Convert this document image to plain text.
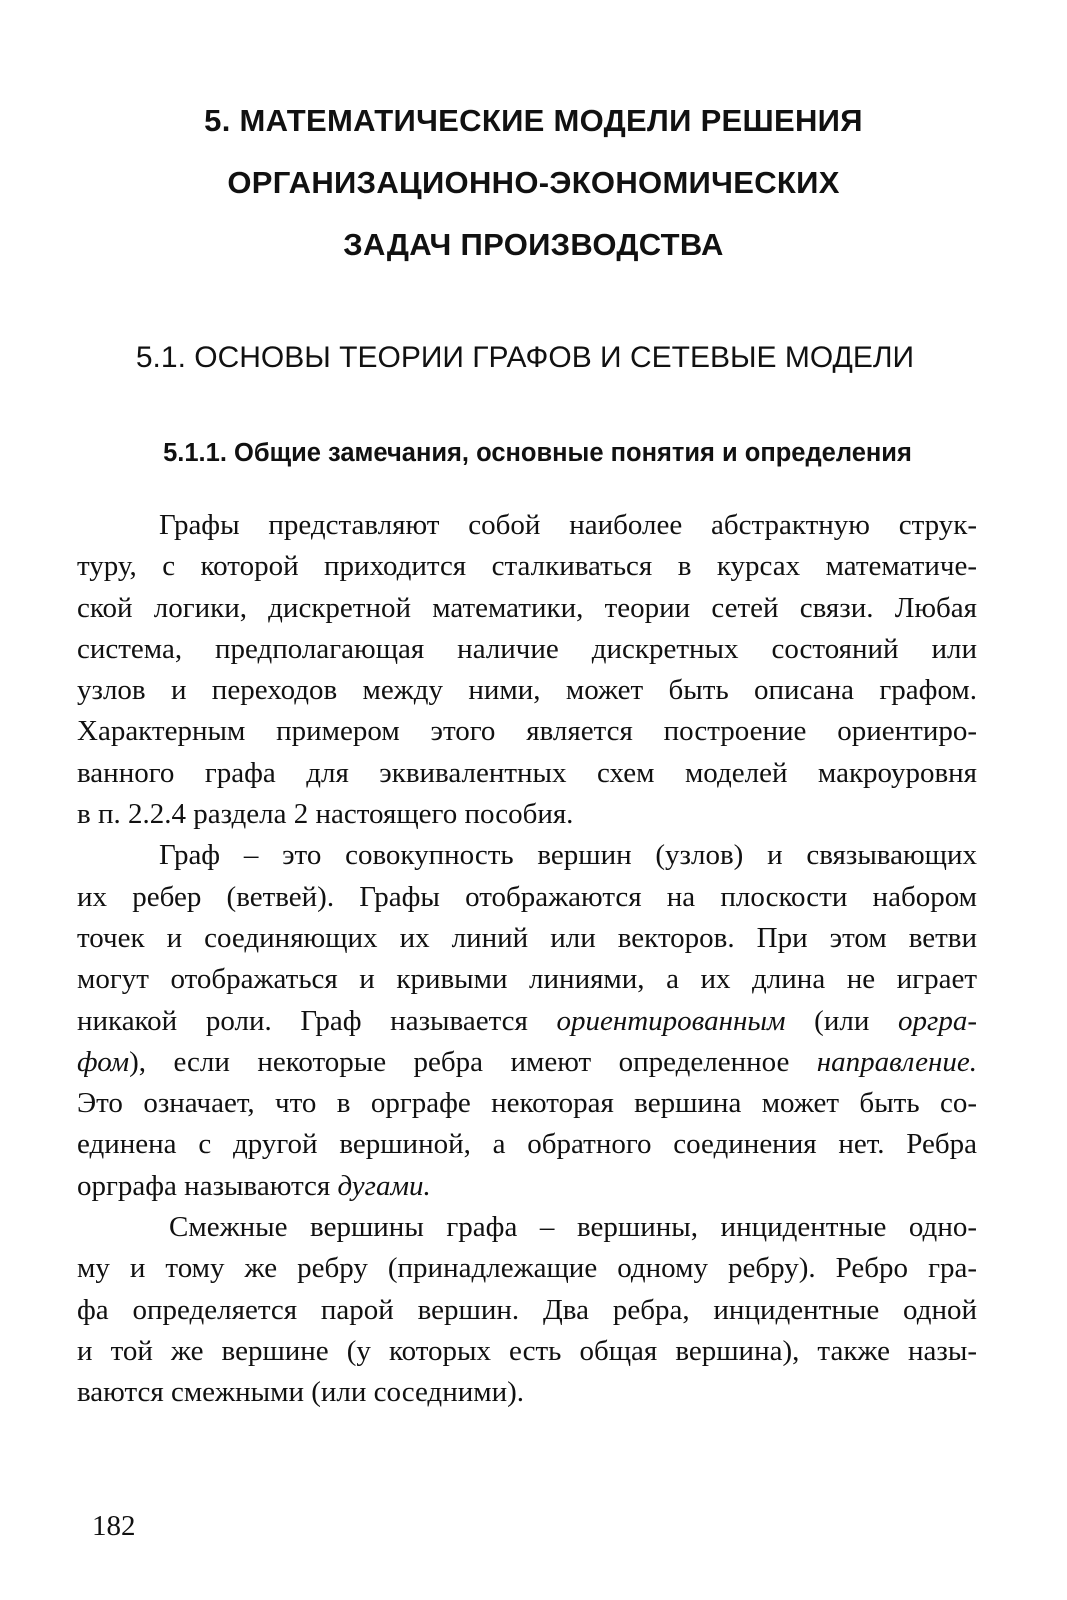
5. МАТЕМАТИЧЕСКИЕ МОДЕЛИ РЕШЕНИЯ
ОРГАНИЗАЦИОННО-ЭКОНОМИЧЕСКИХ
ЗАДАЧ ПРОИЗВОДСТВА
5.1. ОСНОВЫ ТЕОРИИ ГРАФОВ И СЕТЕВЫЕ МОДЕЛИ
5.1.1. Общие замечания, основные понятия и определения
Графы представляют собой наиболее абстрактную струк-
туру, с которой приходится сталкиваться в курсах математиче-
ской логики, дискретной математики, теории сетей связи. Любая
система, предполагающая наличие дискретных состояний или
узлов и переходов между ними, может быть описана графом.
Характерным примером этого является построение ориентиро-
ванного графа для эквивалентных схем моделей макроуровня
в п. 2.2.4 раздела 2 настоящего пособия.
Граф – это совокупность вершин (узлов) и связывающих
их ребер (ветвей). Графы отображаются на плоскости набором
точек и соединяющих их линий или векторов. При этом ветви
могут отображаться и кривыми линиями, а их длина не играет
никакой роли. Граф называется ориентированным (или оргра-
фом), если некоторые ребра имеют определенное направление.
Это означает, что в орграфе некоторая вершина может быть со-
единена с другой вершиной, а обратного соединения нет. Ребра
орграфа называются дугами.
Смежные вершины графа – вершины, инцидентные одно-
му и тому же ребру (принадлежащие одному ребру). Ребро гра-
фа определяется парой вершин. Два ребра, инцидентные одной
и той же вершине (у которых есть общая вершина), также назы-
ваются смежными (или соседними).
182
